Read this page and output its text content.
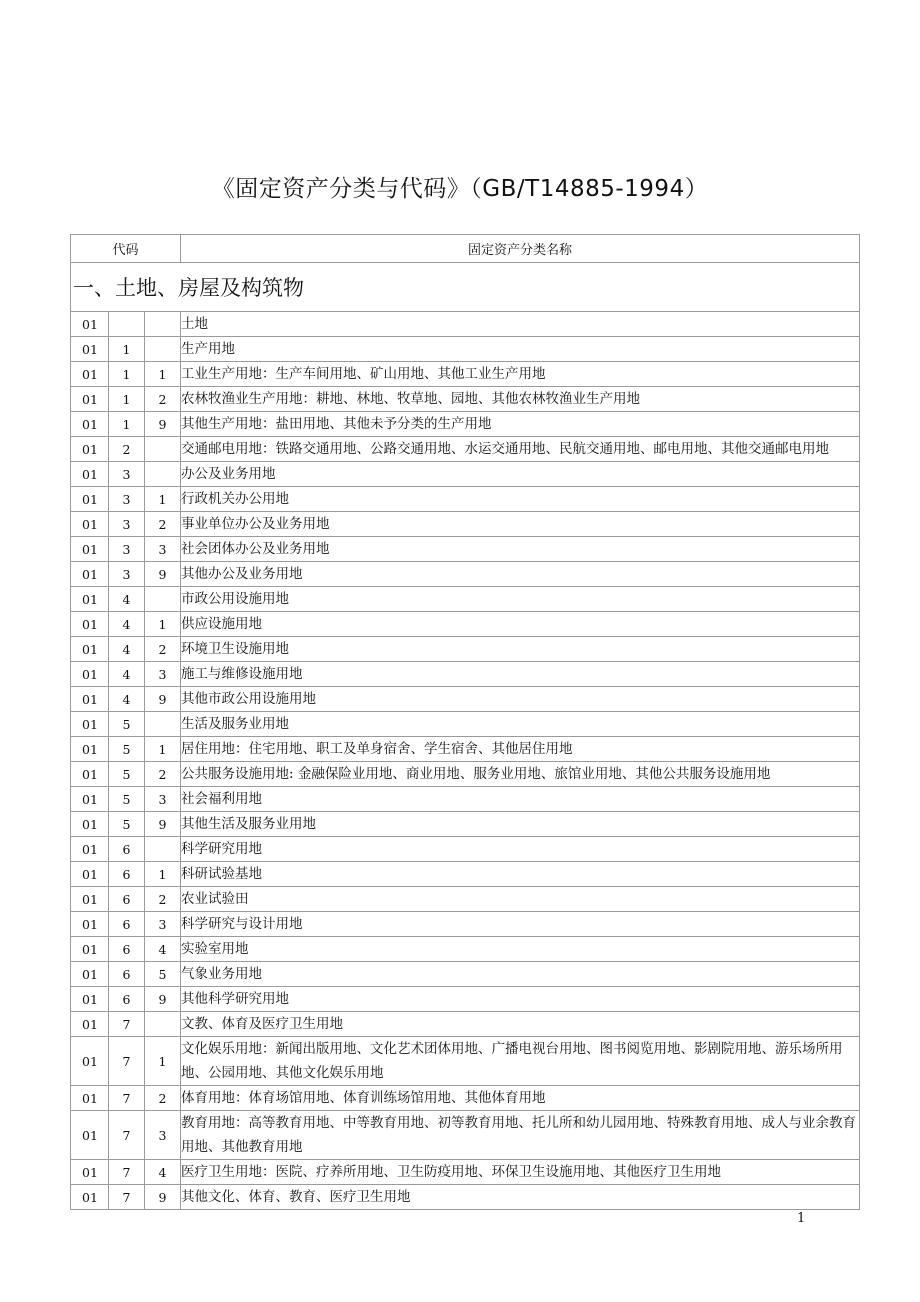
《固定资产分类与代码》（GB/T14885-1994）
代码			固定资产分类名称
一、土地、房屋及构筑物			
01			土地
01	1		生产用地
01	1	1	工业生产用地：生产车间用地、矿山用地、其他工业生产用地
01	1	2	农林牧渔业生产用地：耕地、林地、牧草地、园地、其他农林牧渔业生产用地
01	1	9	其他生产用地：盐田用地、其他未予分类的生产用地
01	2		交通邮电用地：铁路交通用地、公路交通用地、水运交通用地、民航交通用地、邮电用地、其他交通邮电用地
01	3		办公及业务用地
01	3	1	行政机关办公用地
01	3	2	事业单位办公及业务用地
01	3	3	社会团体办公及业务用地
01	3	9	其他办公及业务用地
01	4		市政公用设施用地
01	4	1	供应设施用地
01	4	2	环境卫生设施用地
01	4	3	施工与维修设施用地
01	4	9	其他市政公用设施用地
01	5		生活及服务业用地
01	5	1	居住用地：住宅用地、职工及单身宿舍、学生宿舍、其他居住用地
01	5	2	公共服务设施用地: 金融保险业用地、商业用地、服务业用地、旅馆业用地、其他公共服务设施用地
01	5	3	社会福利用地
01	5	9	其他生活及服务业用地
01	6		科学研究用地
01	6	1	科研试验基地
01	6	2	农业试验田
01	6	3	科学研究与设计用地
01	6	4	实验室用地
01	6	5	气象业务用地
01	6	9	其他科学研究用地
01	7		文教、体育及医疗卫生用地
01	7	1	文化娱乐用地：新闻出版用地、文化艺术团体用地、广播电视台用地、图书阅览用地、影剧院用地、游乐场所用地、公园用地、其他文化娱乐用地
01	7	2	体育用地：体育场馆用地、体育训练场馆用地、其他体育用地
01	7	3	教育用地：高等教育用地、中等教育用地、初等教育用地、托儿所和幼儿园用地、特殊教育用地、成人与业余教育用地、其他教育用地
01	7	4	医疗卫生用地：医院、疗养所用地、卫生防疫用地、环保卫生设施用地、其他医疗卫生用地
01	7	9	其他文化、体育、教育、医疗卫生用地
1
